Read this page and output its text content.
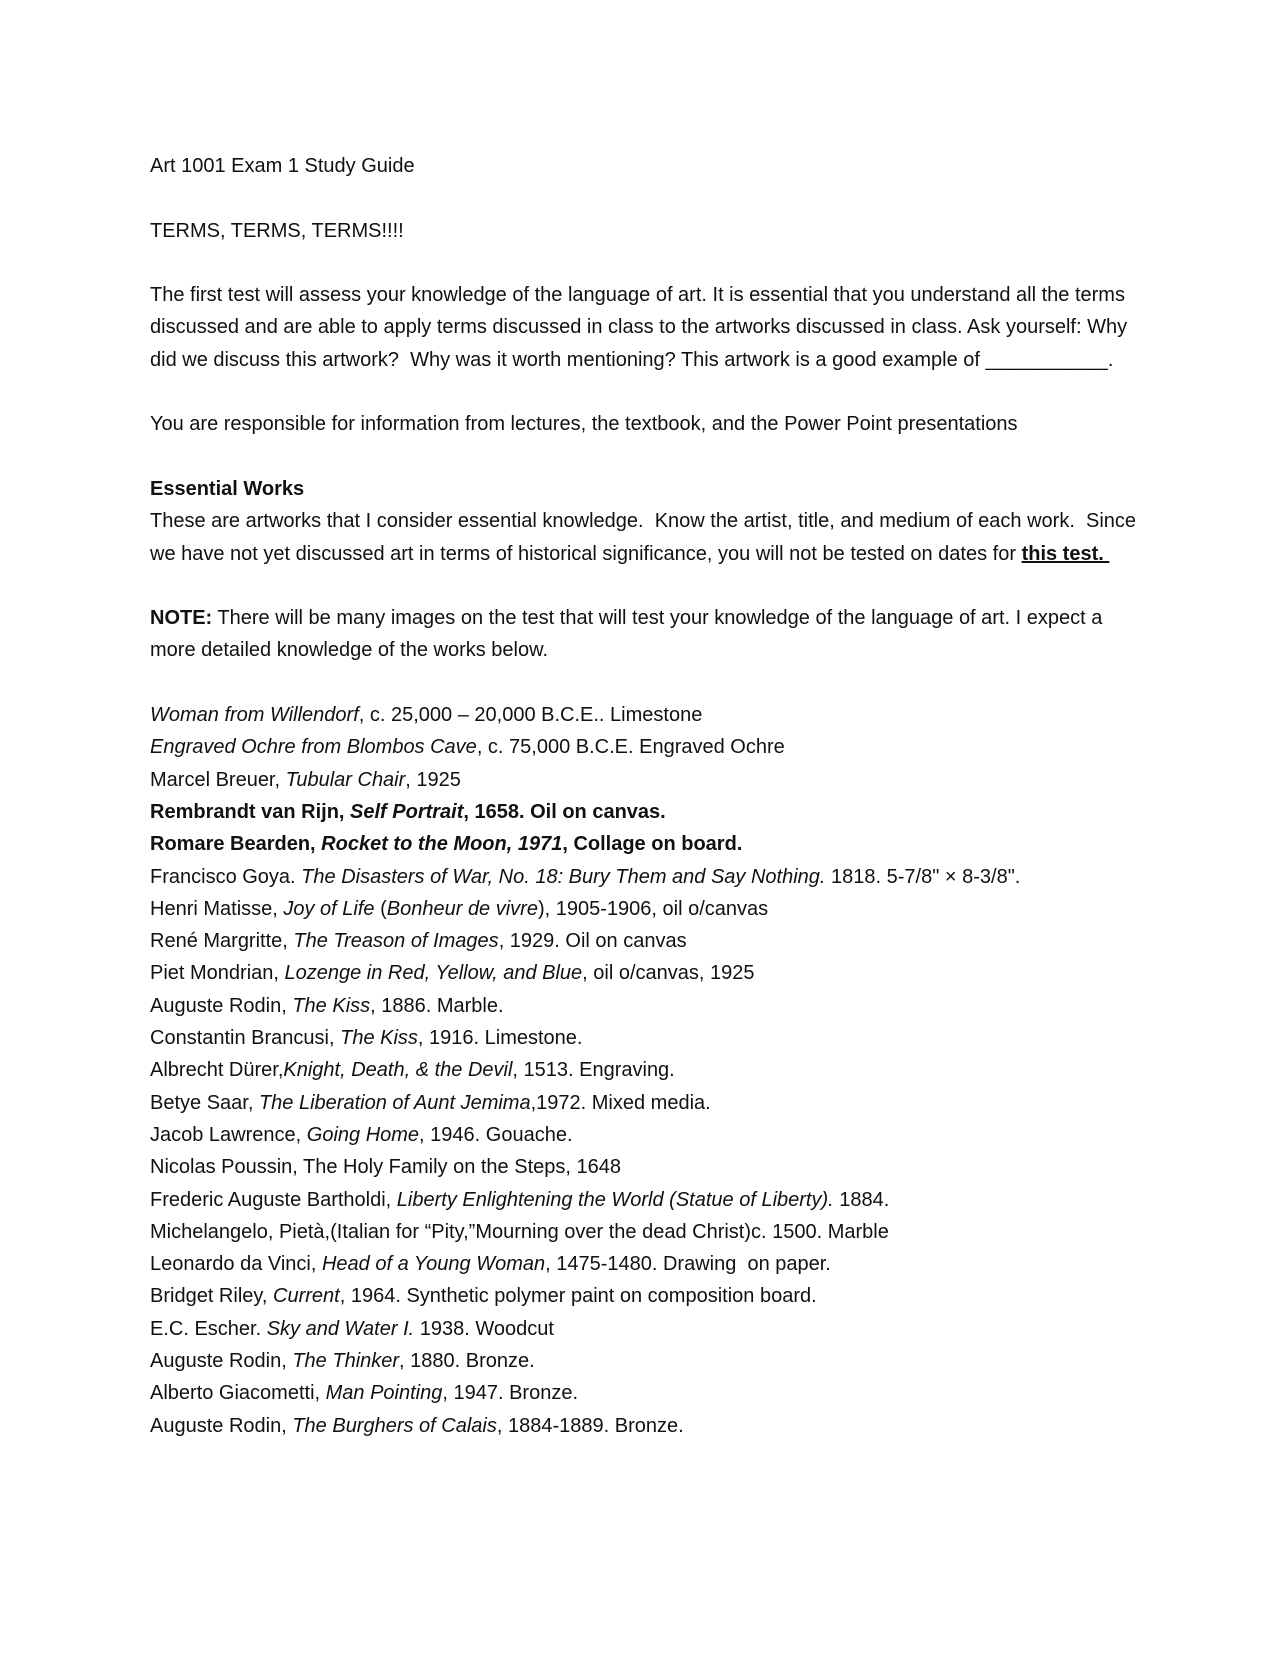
Art 1001 Exam 1 Study Guide
TERMS, TERMS, TERMS!!!!
The first test will assess your knowledge of the language of art. It is essential that you understand all the terms discussed and are able to apply terms discussed in class to the artworks discussed in class. Ask yourself: Why did we discuss this artwork?  Why was it worth mentioning? This artwork is a good example of ___________.
You are responsible for information from lectures, the textbook, and the Power Point presentations
Essential Works
These are artworks that I consider essential knowledge.  Know the artist, title, and medium of each work.  Since we have not yet discussed art in terms of historical significance, you will not be tested on dates for this test.
NOTE: There will be many images on the test that will test your knowledge of the language of art. I expect a more detailed knowledge of the works below.
Woman from Willendorf, c. 25,000 – 20,000 B.C.E.. Limestone
Engraved Ochre from Blombos Cave, c. 75,000 B.C.E. Engraved Ochre
Marcel Breuer, Tubular Chair, 1925
Rembrandt van Rijn, Self Portrait, 1658. Oil on canvas.
Romare Bearden, Rocket to the Moon, 1971, Collage on board.
Francisco Goya. The Disasters of War, No. 18: Bury Them and Say Nothing. 1818. 5-7/8" × 8-3/8".
Henri Matisse, Joy of Life (Bonheur de vivre), 1905-1906, oil o/canvas
René Margritte, The Treason of Images, 1929. Oil on canvas
Piet Mondrian, Lozenge in Red, Yellow, and Blue, oil o/canvas, 1925
Auguste Rodin, The Kiss, 1886. Marble.
Constantin Brancusi, The Kiss, 1916. Limestone.
Albrecht Dürer,Knight, Death, & the Devil, 1513. Engraving.
Betye Saar, The Liberation of Aunt Jemima,1972. Mixed media.
Jacob Lawrence, Going Home, 1946. Gouache.
Nicolas Poussin, The Holy Family on the Steps, 1648
Frederic Auguste Bartholdi, Liberty Enlightening the World (Statue of Liberty). 1884.
Michelangelo, Pietà,(Italian for “Pity,”Mourning over the dead Christ)c. 1500. Marble
Leonardo da Vinci, Head of a Young Woman, 1475-1480. Drawing  on paper.
Bridget Riley, Current, 1964. Synthetic polymer paint on composition board.
E.C. Escher. Sky and Water I. 1938. Woodcut
Auguste Rodin, The Thinker, 1880. Bronze.
Alberto Giacometti, Man Pointing, 1947. Bronze.
Auguste Rodin, The Burghers of Calais, 1884-1889. Bronze.
